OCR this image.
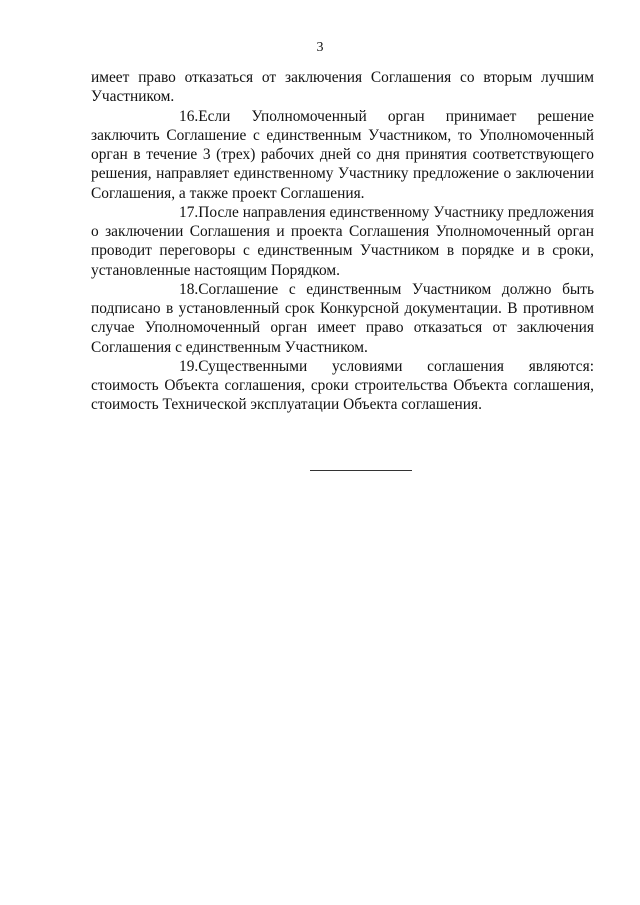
3

имеет право отказаться от заключения Соглашения со вторым лучшим Участником.

16.Если Уполномоченный орган принимает решение заключить Соглашение с единственным Участником, то Уполномоченный орган в течение 3 (трех) рабочих дней со дня принятия соответствующего решения, направляет единственному Участнику предложение о заключении Соглашения, а также проект Соглашения.

17.После направления единственному Участнику предложения о заключении Соглашения и проекта Соглашения Уполномоченный орган проводит переговоры с единственным Участником в порядке и в сроки, установленные настоящим Порядком.

18.Соглашение с единственным Участником должно быть подписано в установленный срок Конкурсной документации. В противном случае Уполномоченный орган имеет право отказаться от заключения Соглашения с единственным Участником.

19.Существенными условиями соглашения являются: стоимость Объекта соглашения, сроки строительства Объекта соглашения, стоимость Технической эксплуатации Объекта соглашения.
